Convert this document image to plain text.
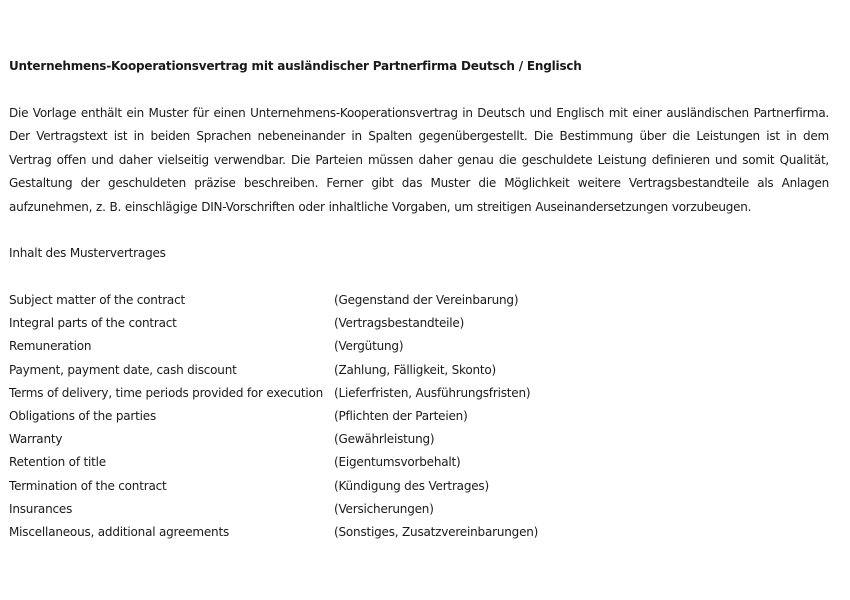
Unternehmens-Kooperationsvertrag mit ausländischer Partnerfirma Deutsch / Englisch

Die Vorlage enthält ein Muster für einen Unternehmens-Kooperationsvertrag in Deutsch und Englisch mit einer ausländischen Partnerfirma. Der Vertragstext ist in beiden Sprachen nebeneinander in Spalten gegenübergestellt. Die Bestimmung über die Leistungen ist in dem Vertrag offen und daher vielseitig verwendbar. Die Parteien müssen daher genau die geschuldete Leistung definieren und somit Qualität, Gestaltung der geschuldeten präzise beschreiben. Ferner gibt das Muster die Möglichkeit weitere Vertragsbestandteile als Anlagen aufzunehmen, z. B. einschlägige DIN-Vorschriften oder inhaltliche Vorgaben, um streitigen Auseinandersetzungen vorzubeugen.

Inhalt des Mustervertrages

Subject matter of the contract	(Gegenstand der Vereinbarung)
Integral parts of the contract	(Vertragsbestandteile)
Remuneration	(Vergütung)
Payment, payment date, cash discount	(Zahlung, Fälligkeit, Skonto)
Terms of delivery, time periods provided for execution (Lieferfristen, Ausführungsfristen)
Obligations of the parties	(Pflichten der Parteien)
Warranty	(Gewährleistung)
Retention of title	(Eigentumsvorbehalt)
Termination of the contract	(Kündigung des Vertrages)
Insurances	(Versicherungen)
Miscellaneous, additional agreements	(Sonstiges, Zusatzvereinbarungen)
